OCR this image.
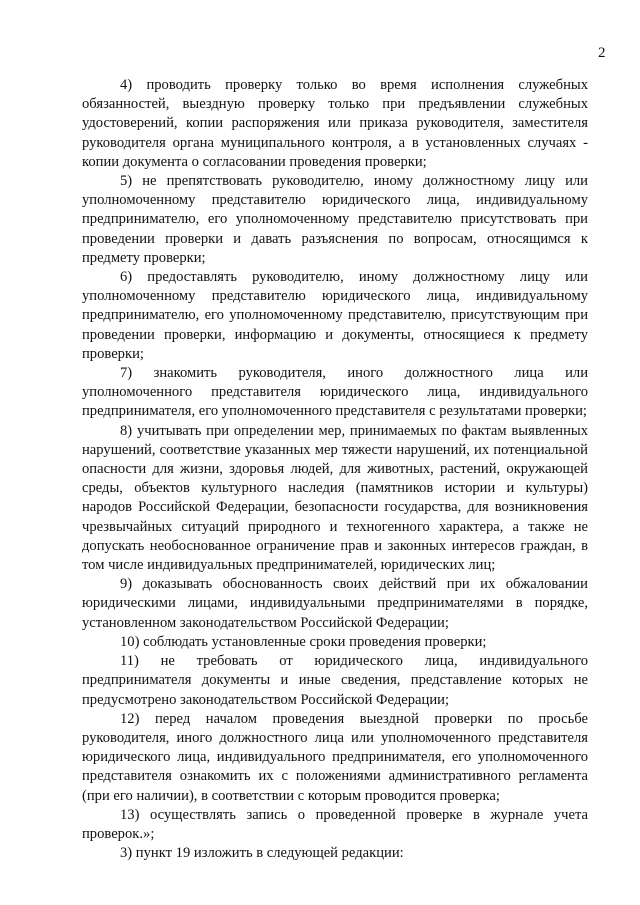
2

4) проводить проверку только во время исполнения служебных обязанностей, выездную проверку только при предъявлении служебных удостоверений, копии распоряжения или приказа руководителя, заместителя руководителя органа муниципального контроля, а в установленных случаях - копии документа о согласовании проведения проверки;

5) не препятствовать руководителю, иному должностному лицу или уполномоченному представителю юридического лица, индивидуальному предпринимателю, его уполномоченному представителю присутствовать при проведении проверки и давать разъяснения по вопросам, относящимся к предмету проверки;

6) предоставлять руководителю, иному должностному лицу или уполномоченному представителю юридического лица, индивидуальному предпринимателю, его уполномоченному представителю, присутствующим при проведении проверки, информацию и документы, относящиеся к предмету проверки;

7) знакомить руководителя, иного должностного лица или уполномоченного представителя юридического лица, индивидуального предпринимателя, его уполномоченного представителя с результатами проверки;

8) учитывать при определении мер, принимаемых по фактам выявленных нарушений, соответствие указанных мер тяжести нарушений, их потенциальной опасности для жизни, здоровья людей, для животных, растений, окружающей среды, объектов культурного наследия (памятников истории и культуры) народов Российской Федерации, безопасности государства, для возникновения чрезвычайных ситуаций природного и техногенного характера, а также не допускать необоснованное ограничение прав и законных интересов граждан, в том числе индивидуальных предпринимателей, юридических лиц;

9) доказывать обоснованность своих действий при их обжаловании юридическими лицами, индивидуальными предпринимателями в порядке, установленном законодательством Российской Федерации;

10) соблюдать установленные сроки проведения проверки;

11) не требовать от юридического лица, индивидуального предпринимателя документы и иные сведения, представление которых не предусмотрено законодательством Российской Федерации;

12) перед началом проведения выездной проверки по просьбе руководителя, иного должностного лица или уполномоченного представителя юридического лица, индивидуального предпринимателя, его уполномоченного представителя ознакомить их с положениями административного регламента (при его наличии), в соответствии с которым проводится проверка;

13) осуществлять запись о проведенной проверке в журнале учета проверок.»;

3) пункт 19 изложить в следующей редакции:
